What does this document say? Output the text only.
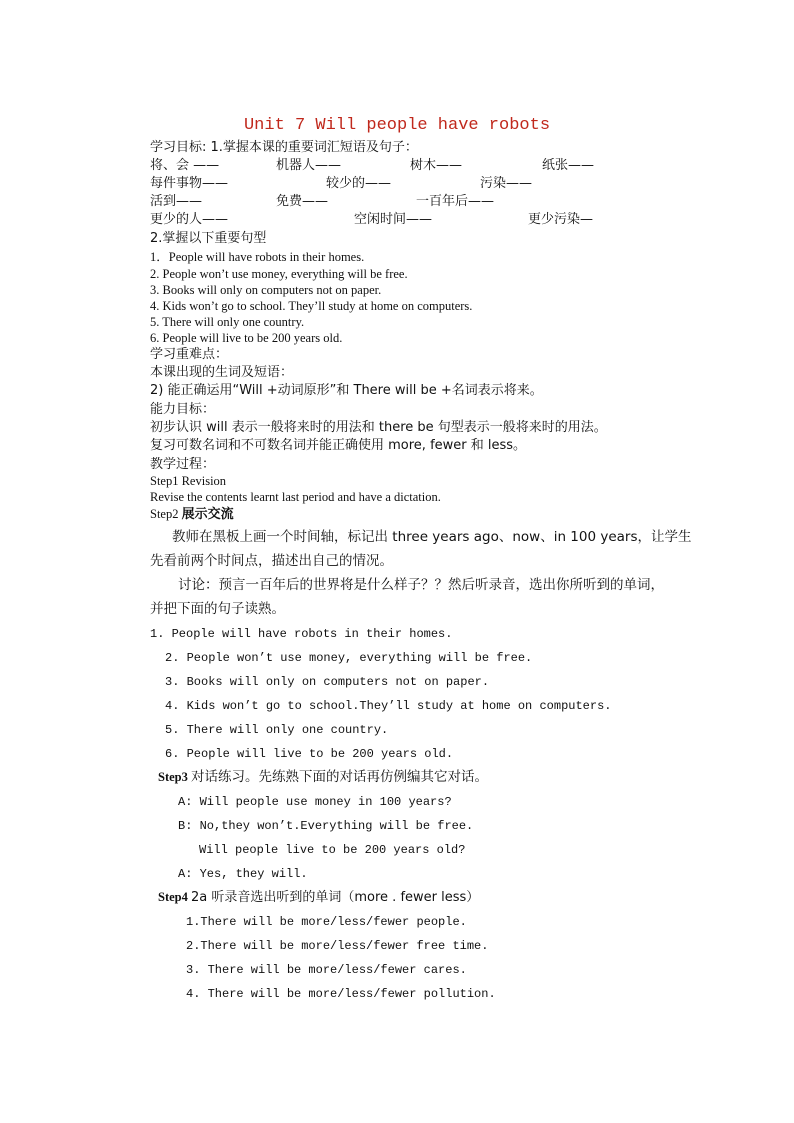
Unit 7 Will people have robots
学习目标: 1.掌握本课的重要词汇短语及句子：
将、会 ——	机器人——	树木——	纸张——
每件事物——	较少的——	污染——
活到——	免费——	一百年后——
更少的人——	空闲时间——	更少污染—
2.掌握以下重要句型
1．People will have robots in their homes.
2. People won’t use money, everything will be free.
3. Books will only on computers not on paper.
4. Kids won’t go to school. They’ll study at home on computers.
5. There will only one country.
6. People will live to be 200 years old.
学习重难点：
本课出现的生词及短语：
2) 能正确运用“Will +动词原形”和 There will be +名词表示将来。
能力目标：
初步认识 will 表示一般将来时的用法和 there be 句型表示一般将来时的用法。
复习可数名词和不可数名词并能正确使用 more, fewer 和 less。
教学过程：
Step1 Revision
Revise the contents learnt last period and have a dictation.
Step2 展示交流
教师在黑板上画一个时间轴，标记出 three years ago、now、in 100 years，让学生
先看前两个时间点，描述出自己的情况。
讨论：预言一百年后的世界将是什么样子？？然后听录音，选出你所听到的单词，
并把下面的句子读熟。
1. People will have robots in their homes.
2. People won’t use money, everything will be free.
3. Books will only on computers not on paper.
4. Kids won’t go to school.They’ll study at home on computers.
5. There will only one country.
6. People will live to be 200 years old.
Step3 对话练习。先练熟下面的对话再仿例编其它对话。
A: Will people use money in 100 years?
B: No,they won’t.Everything will be free.
Will people live to be 200 years old?
A: Yes, they will.
Step4 2a 听录音选出听到的单词（more . fewer less）
1.There will be more/less/fewer people.
2.There will be more/less/fewer free time.
3. There will be more/less/fewer cares.
4. There will be more/less/fewer pollution.
